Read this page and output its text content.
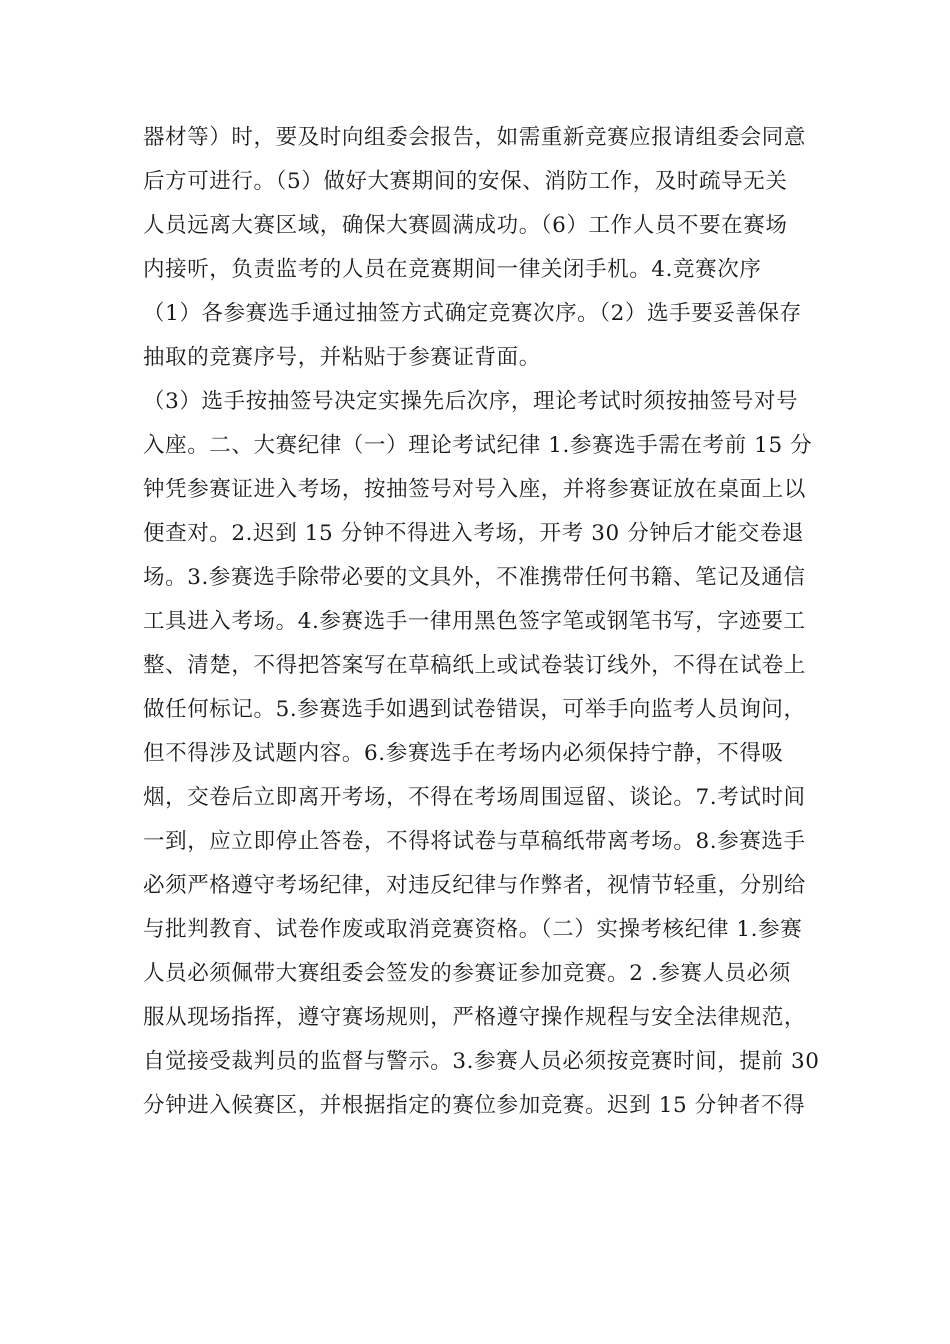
器材等）时，要及时向组委会报告，如需重新竞赛应报请组委会同意
后方可进行。（5）做好大赛期间的安保、消防工作，及时疏导无关
人员远离大赛区域，确保大赛圆满成功。（6）工作人员不要在赛场
内接听，负责监考的人员在竞赛期间一律关闭手机。4.竞赛次序
（1）各参赛选手通过抽签方式确定竞赛次序。（2）选手要妥善保存
抽取的竞赛序号，并粘贴于参赛证背面。
（3）选手按抽签号决定实操先后次序，理论考试时须按抽签号对号
入座。二、大赛纪律（一）理论考试纪律 1.参赛选手需在考前 15 分
钟凭参赛证进入考场，按抽签号对号入座，并将参赛证放在桌面上以
便查对。2.迟到 15 分钟不得进入考场，开考 30 分钟后才能交卷退
场。3.参赛选手除带必要的文具外，不准携带任何书籍、笔记及通信
工具进入考场。4.参赛选手一律用黑色签字笔或钢笔书写，字迹要工
整、清楚，不得把答案写在草稿纸上或试卷装订线外，不得在试卷上
做任何标记。5.参赛选手如遇到试卷错误，可举手向监考人员询问，
但不得涉及试题内容。6.参赛选手在考场内必须保持宁静，不得吸
烟，交卷后立即离开考场，不得在考场周围逗留、谈论。7.考试时间
一到，应立即停止答卷，不得将试卷与草稿纸带离考场。8.参赛选手
必须严格遵守考场纪律，对违反纪律与作弊者，视情节轻重，分别给
与批判教育、试卷作废或取消竞赛资格。（二）实操考核纪律 1.参赛
人员必须佩带大赛组委会签发的参赛证参加竞赛。2 .参赛人员必须
服从现场指挥，遵守赛场规则，严格遵守操作规程与安全法律规范，
自觉接受裁判员的监督与警示。3.参赛人员必须按竞赛时间，提前 30
分钟进入候赛区，并根据指定的赛位参加竞赛。迟到 15 分钟者不得
